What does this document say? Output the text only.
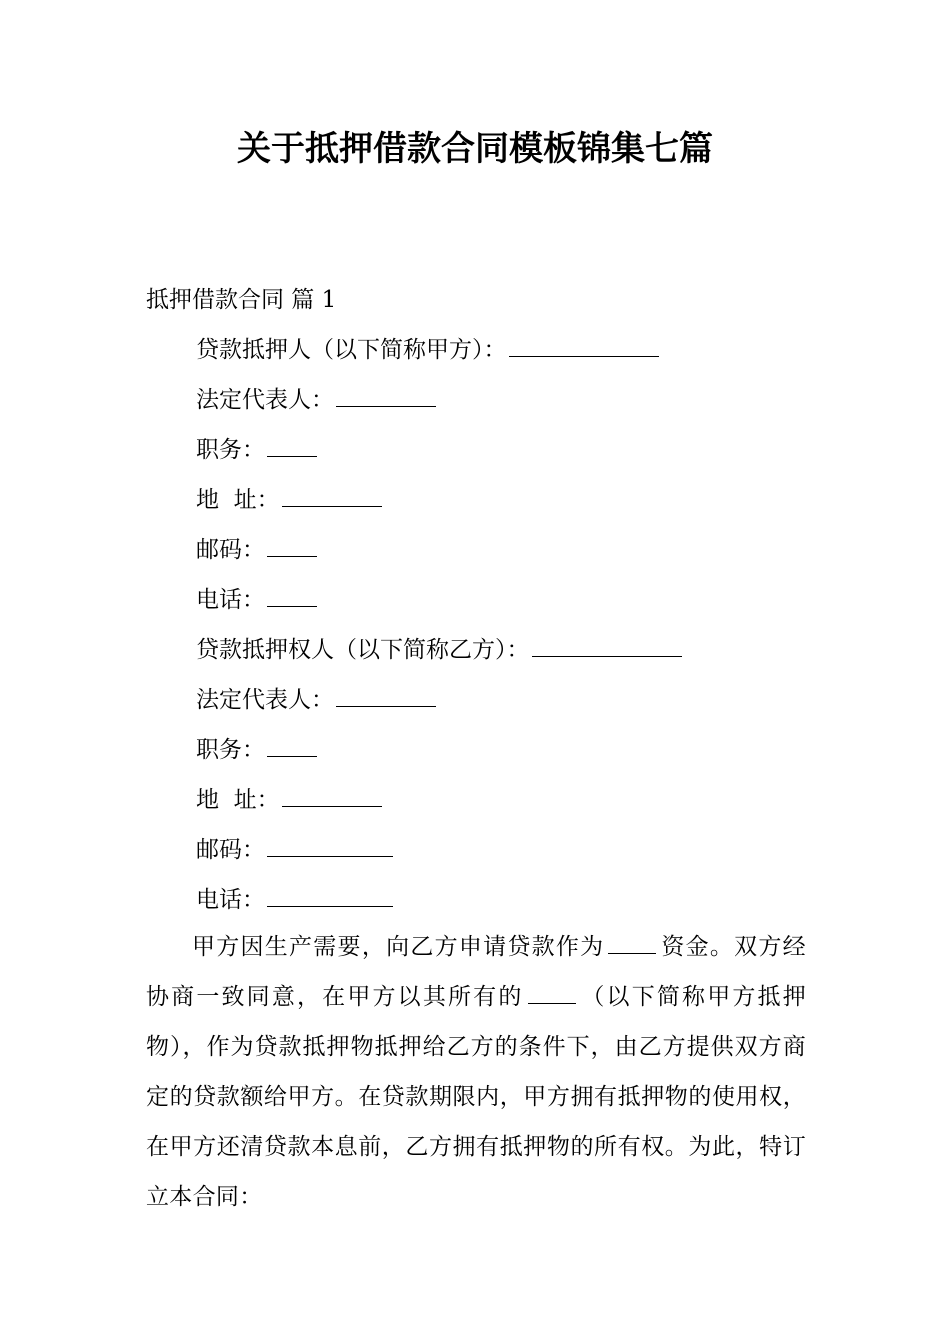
关于抵押借款合同模板锦集七篇
抵押借款合同 篇 1
贷款抵押人（以下简称甲方）：
法定代表人：
职务：
地  址：
邮码：
电话：
贷款抵押权人（以下简称乙方）：
法定代表人：
职务：
地  址：
邮码：
电话：

甲方因生产需要，向乙方申请贷款作为 资金。双方经协商一致同意，在甲方以其所有的 （以下简称甲方抵押物），作为贷款抵押物抵押给乙方的条件下，由乙方提供双方商定的贷款额给甲方。在贷款期限内，甲方拥有抵押物的使用权，在甲方还清贷款本息前，乙方拥有抵押物的所有权。为此，特订立本合同：
